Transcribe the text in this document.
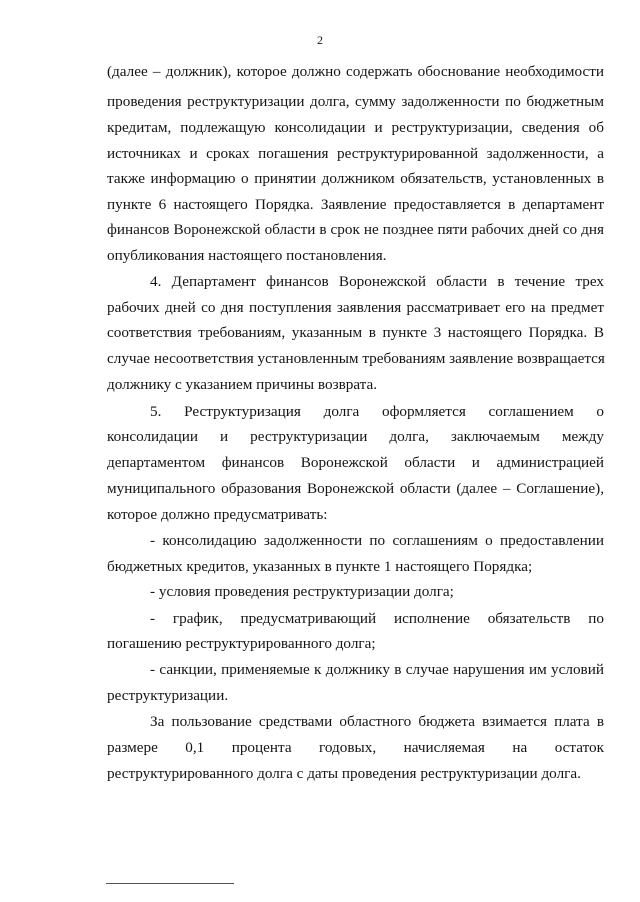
2
(далее – должник), которое должно содержать обоснование необходимости
проведения реструктуризации долга, сумму задолженности по бюджетным
кредитам, подлежащую консолидации и реструктуризации, сведения об
источниках и сроках погашения реструктурированной задолженности, а
также информацию о принятии должником обязательств, установленных в
пункте 6 настоящего Порядка. Заявление предоставляется в департамент
финансов Воронежской области в срок не позднее пяти рабочих дней со дня
опубликования настоящего постановления.
4. Департамент финансов Воронежской области в течение трех
рабочих дней со дня поступления заявления рассматривает его на предмет
соответствия требованиям, указанным в пункте 3 настоящего Порядка. В
случае несоответствия установленным требованиям заявление возвращается
должнику с указанием причины возврата.
5. Реструктуризация долга оформляется соглашением о
консолидации и реструктуризации долга, заключаемым между
департаментом финансов Воронежской области и администрацией
муниципального образования Воронежской области (далее – Соглашение),
которое должно предусматривать:
- консолидацию задолженности по соглашениям о предоставлении
бюджетных кредитов, указанных в пункте 1 настоящего Порядка;
- условия проведения реструктуризации долга;
- график, предусматривающий исполнение обязательств по
погашению реструктурированного долга;
- санкции, применяемые к должнику в случае нарушения им условий
реструктуризации.
За пользование средствами областного бюджета взимается плата в
размере 0,1 процента годовых, начисляемая на остаток
реструктурированного долга с даты проведения реструктуризации долга.
